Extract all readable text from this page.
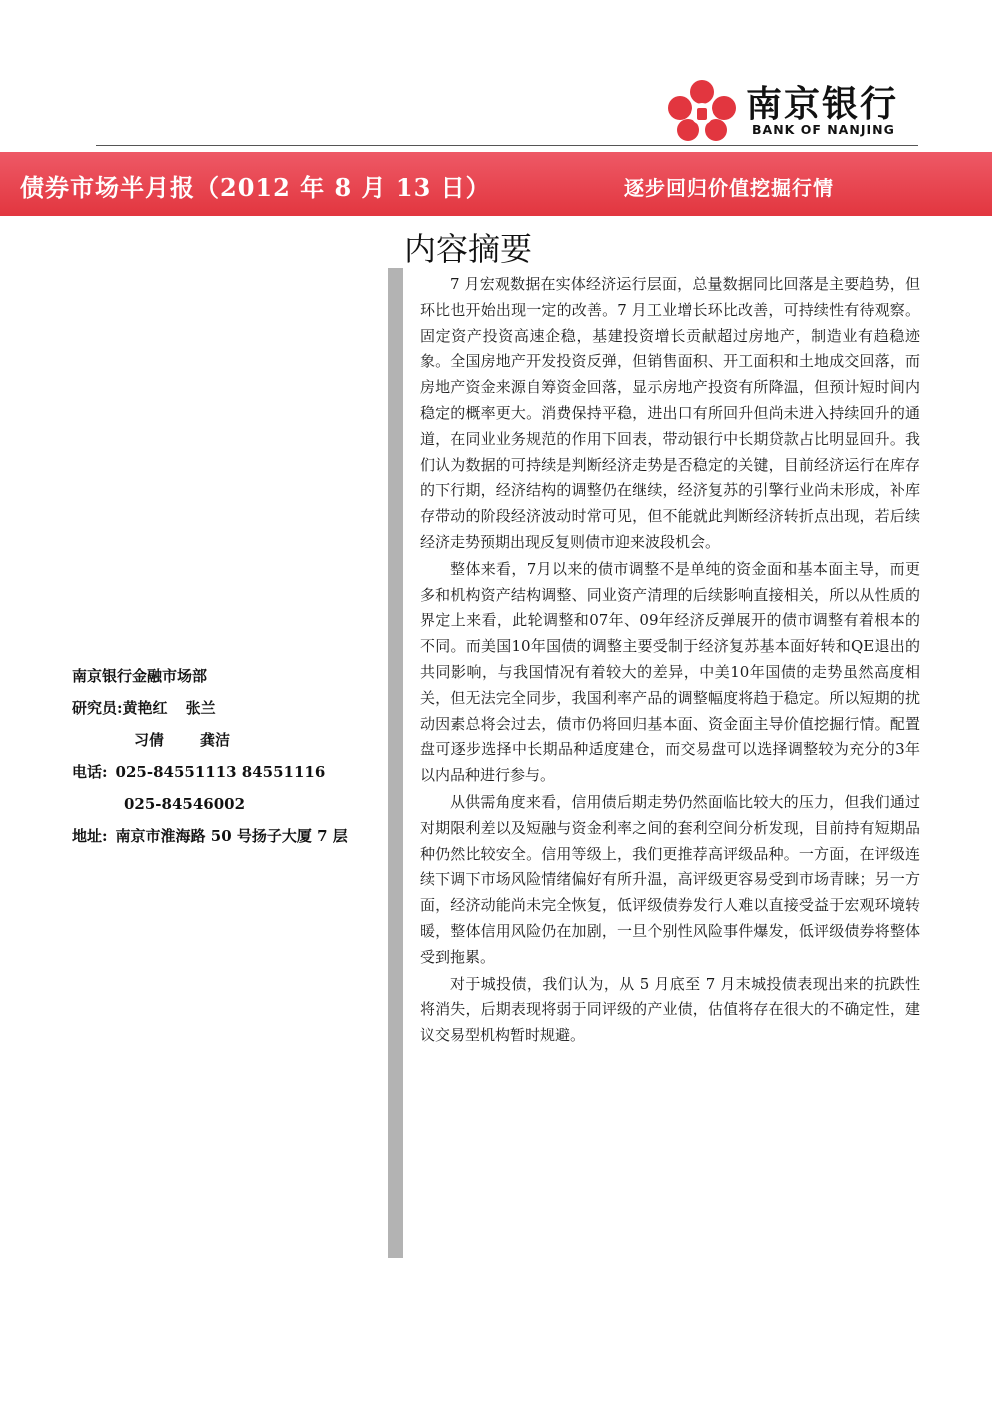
南京银行
BANK OF NANJING
债券市场半月报（2012 年 8 月 13 日）	逐步回归价值挖掘行情
内容摘要

7 月宏观数据在实体经济运行层面，总量数据同比回落是主要趋势，但环比也开始出现一定的改善。7 月工业增长环比改善，可持续性有待观察。固定资产投资高速企稳，基建投资增长贡献超过房地产，制造业有趋稳迹象。全国房地产开发投资反弹，但销售面积、开工面积和土地成交回落，而房地产资金来源自筹资金回落，显示房地产投资有所降温，但预计短时间内稳定的概率更大。消费保持平稳，进出口有所回升但尚未进入持续回升的通道，在同业业务规范的作用下回表，带动银行中长期贷款占比明显回升。我们认为数据的可持续是判断经济走势是否稳定的关键，目前经济运行在库存的下行期，经济结构的调整仍在继续，经济复苏的引擎行业尚未形成，补库存带动的阶段经济波动时常可见，但不能就此判断经济转折点出现，若后续经济走势预期出现反复则债市迎来波段机会。

整体来看，7月以来的债市调整不是单纯的资金面和基本面主导，而更多和机构资产结构调整、同业资产清理的后续影响直接相关，所以从性质的界定上来看，此轮调整和07年、09年经济反弹展开的债市调整有着根本的不同。而美国10年国债的调整主要受制于经济复苏基本面好转和QE退出的共同影响，与我国情况有着较大的差异，中美10年国债的走势虽然高度相关，但无法完全同步，我国利率产品的调整幅度将趋于稳定。所以短期的扰动因素总将会过去，债市仍将回归基本面、资金面主导价值挖掘行情。配置盘可逐步选择中长期品种适度建仓，而交易盘可以选择调整较为充分的3年以内品种进行参与。

从供需角度来看，信用债后期走势仍然面临比较大的压力，但我们通过对期限利差以及短融与资金利率之间的套利空间分析发现，目前持有短期品种仍然比较安全。信用等级上，我们更推荐高评级品种。一方面，在评级连续下调下市场风险情绪偏好有所升温，高评级更容易受到市场青睐；另一方面，经济动能尚未完全恢复，低评级债券发行人难以直接受益于宏观环境转暖，整体信用风险仍在加剧，一旦个别性风险事件爆发，低评级债券将整体受到拖累。

对于城投债，我们认为，从 5 月底至 7 月末城投债表现出来的抗跌性将消失，后期表现将弱于同评级的产业债，估值将存在很大的不确定性，建议交易型机构暂时规避。

南京银行金融市场部
研究员:黄艳红 张兰
习倩 龚洁
电话: 025-84551113 84551116
025-84546002
地址: 南京市淮海路 50 号扬子大厦 7 层
